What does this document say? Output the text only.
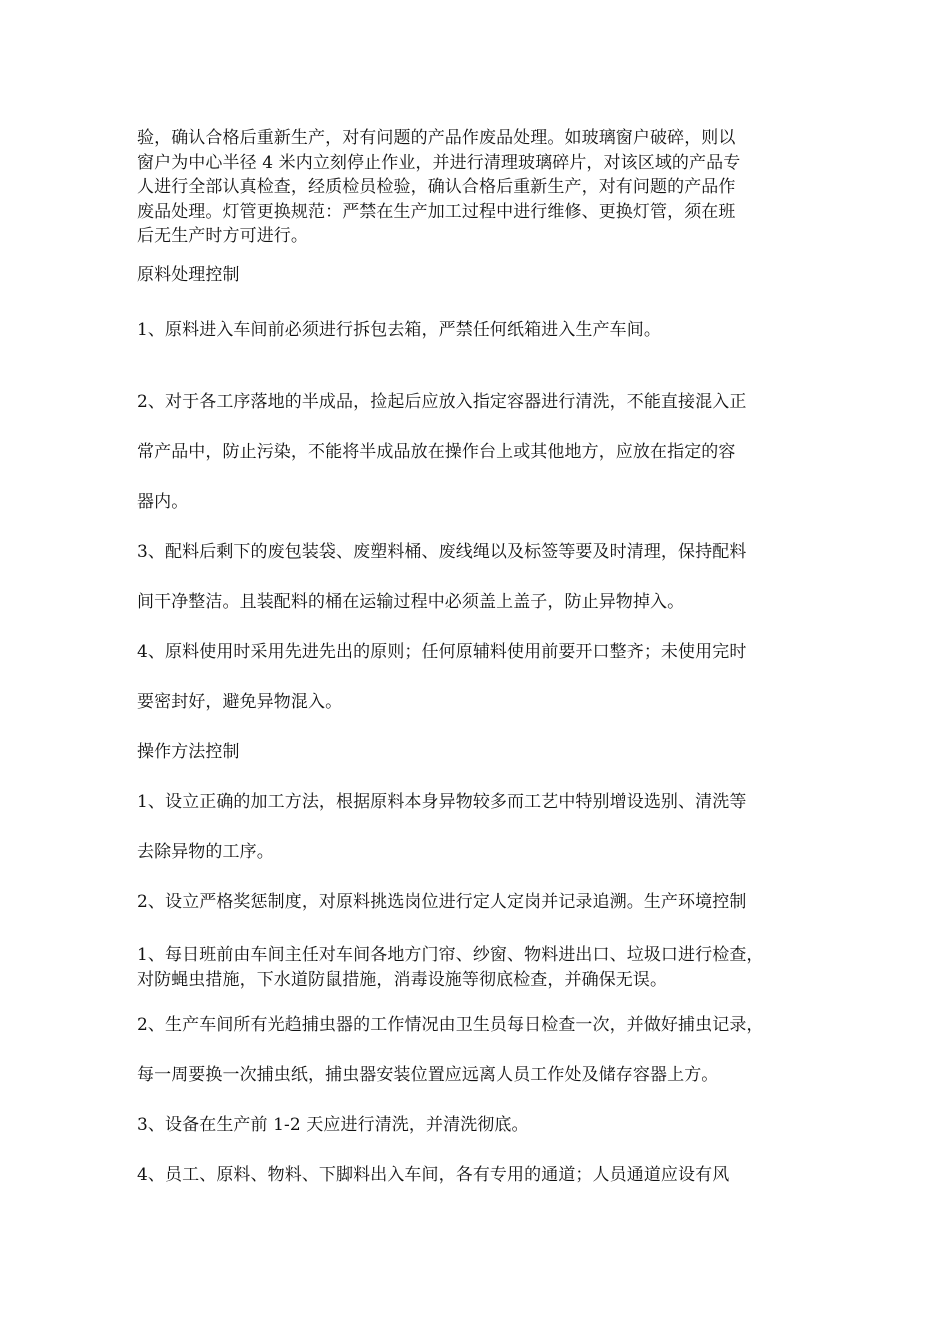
验，确认合格后重新生产，对有问题的产品作废品处理。如玻璃窗户破碎，则以
窗户为中心半径 4 米内立刻停止作业，并进行清理玻璃碎片，对该区域的产品专
人进行全部认真检查，经质检员检验，确认合格后重新生产，对有问题的产品作
废品处理。灯管更换规范：严禁在生产加工过程中进行维修、更换灯管，须在班
后无生产时方可进行。
原料处理控制
1、原料进入车间前必须进行拆包去箱，严禁任何纸箱进入生产车间。
2、对于各工序落地的半成品，捡起后应放入指定容器进行清洗，不能直接混入正
常产品中，防止污染，不能将半成品放在操作台上或其他地方，应放在指定的容
器内。
3、配料后剩下的废包装袋、废塑料桶、废线绳以及标签等要及时清理，保持配料
间干净整洁。且装配料的桶在运输过程中必须盖上盖子，防止异物掉入。
4、原料使用时采用先进先出的原则；任何原辅料使用前要开口整齐；未使用完时
要密封好，避免异物混入。
操作方法控制
1、设立正确的加工方法，根据原料本身异物较多而工艺中特别增设选别、清洗等
去除异物的工序。
2、设立严格奖惩制度，对原料挑选岗位进行定人定岗并记录追溯。生产环境控制
1、每日班前由车间主任对车间各地方门帘、纱窗、物料进出口、垃圾口进行检查，
对防蝇虫措施，下水道防鼠措施，消毒设施等彻底检查，并确保无误。
2、生产车间所有光趋捕虫器的工作情况由卫生员每日检查一次，并做好捕虫记录，
每一周要换一次捕虫纸，捕虫器安装位置应远离人员工作处及储存容器上方。
3、设备在生产前 1-2 天应进行清洗，并清洗彻底。
4、员工、原料、物料、下脚料出入车间，各有专用的通道；人员通道应设有风
